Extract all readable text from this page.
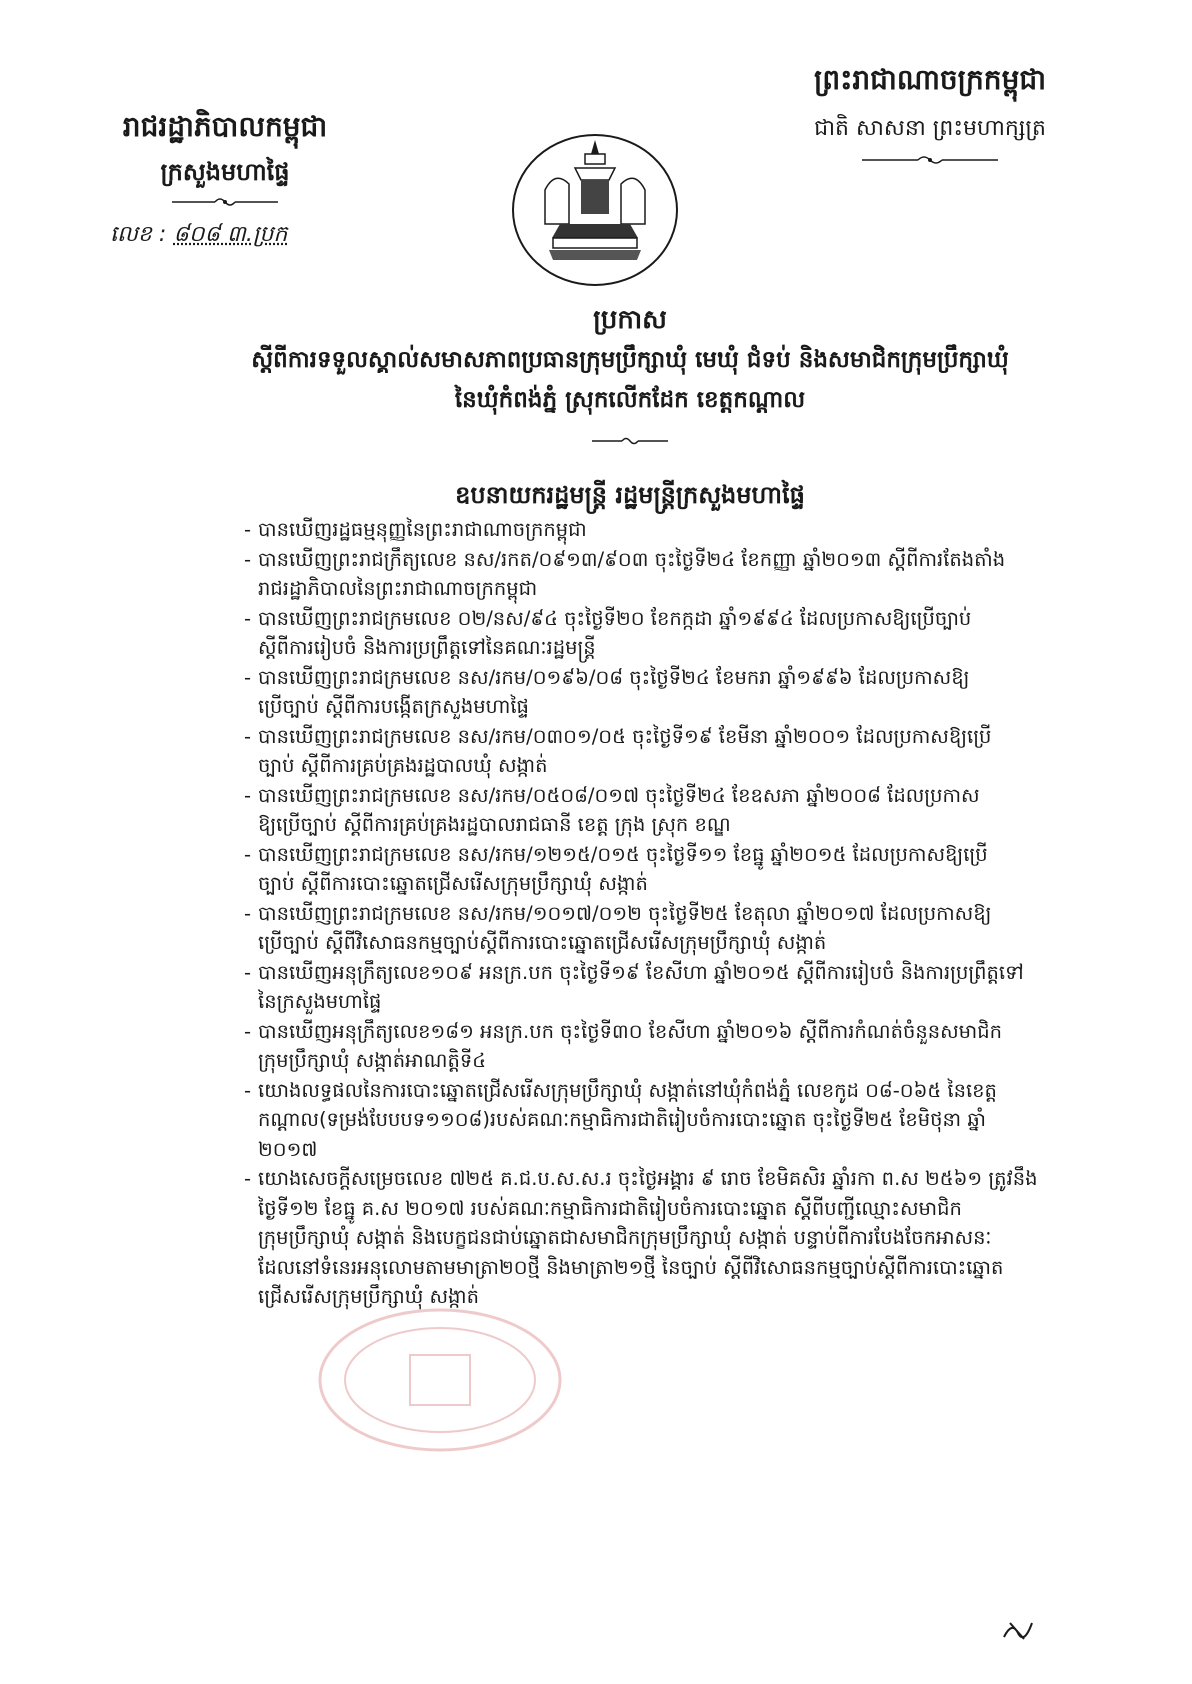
រាជរដ្ឋាភិបាលកម្ពុជា
ក្រសួងមហាផ្ទៃ
លេខ : ៨០៨ ៣.ប្រក
ព្រះរាជាណាចក្រកម្ពុជា
ជាតិ សាសនា ព្រះមហាក្សត្រ
ប្រកាស
ស្តីពីការទទួលស្គាល់សមាសភាពប្រធានក្រុមប្រឹក្សាឃុំ មេឃុំ ជំទប់ និងសមាជិកក្រុមប្រឹក្សាឃុំ
នៃឃុំកំពង់ភ្នំ ស្រុកលើកដែក ខេត្តកណ្តាល
ឧបនាយករដ្ឋមន្ត្រី រដ្ឋមន្ត្រីក្រសួងមហាផ្ទៃ
- បានឃើញរដ្ឋធម្មនុញ្ញនៃព្រះរាជាណាចក្រកម្ពុជា
- បានឃើញព្រះរាជក្រឹត្យលេខ នស/រកត/០៩១៣/៩០៣ ចុះថ្ងៃទី២៤ ខែកញ្ញា ឆ្នាំ២០១៣ ស្តីពីការតែងតាំង
រាជរដ្ឋាភិបាលនៃព្រះរាជាណាចក្រកម្ពុជា
- បានឃើញព្រះរាជក្រមលេខ ០២/នស/៩៤ ចុះថ្ងៃទី២០ ខែកក្កដា ឆ្នាំ១៩៩៤ ដែលប្រកាសឱ្យប្រើច្បាប់
ស្តីពីការរៀបចំ និងការប្រព្រឹត្តទៅនៃគណៈរដ្ឋមន្ត្រី
- បានឃើញព្រះរាជក្រមលេខ នស/រកម/០១៩៦/០៨ ចុះថ្ងៃទី២៤ ខែមករា ឆ្នាំ១៩៩៦ ដែលប្រកាសឱ្យ
ប្រើច្បាប់ ស្តីពីការបង្កើតក្រសួងមហាផ្ទៃ
- បានឃើញព្រះរាជក្រមលេខ នស/រកម/០៣០១/០៥ ចុះថ្ងៃទី១៩ ខែមីនា ឆ្នាំ២០០១ ដែលប្រកាសឱ្យប្រើ
ច្បាប់ ស្តីពីការគ្រប់គ្រងរដ្ឋបាលឃុំ សង្កាត់
- បានឃើញព្រះរាជក្រមលេខ នស/រកម/០៥០៨/០១៧ ចុះថ្ងៃទី២៤ ខែឧសភា ឆ្នាំ២០០៨ ដែលប្រកាស
ឱ្យប្រើច្បាប់ ស្តីពីការគ្រប់គ្រងរដ្ឋបាលរាជធានី ខេត្ត ក្រុង ស្រុក ខណ្ឌ
- បានឃើញព្រះរាជក្រមលេខ នស/រកម/១២១៥/០១៥ ចុះថ្ងៃទី១១ ខែធ្នូ ឆ្នាំ២០១៥ ដែលប្រកាសឱ្យប្រើ
ច្បាប់ ស្តីពីការបោះឆ្នោតជ្រើសរើសក្រុមប្រឹក្សាឃុំ សង្កាត់
- បានឃើញព្រះរាជក្រមលេខ នស/រកម/១០១៧/០១២ ចុះថ្ងៃទី២៥ ខែតុលា ឆ្នាំ២០១៧ ដែលប្រកាសឱ្យ
ប្រើច្បាប់ ស្តីពីវិសោធនកម្មច្បាប់ស្តីពីការបោះឆ្នោតជ្រើសរើសក្រុមប្រឹក្សាឃុំ សង្កាត់
- បានឃើញអនុក្រឹត្យលេខ១០៩ អនក្រ.បក ចុះថ្ងៃទី១៩ ខែសីហា ឆ្នាំ២០១៥ ស្តីពីការរៀបចំ និងការប្រព្រឹត្តទៅ
នៃក្រសួងមហាផ្ទៃ
- បានឃើញអនុក្រឹត្យលេខ១៨១ អនក្រ.បក ចុះថ្ងៃទី៣០ ខែសីហា ឆ្នាំ២០១៦ ស្តីពីការកំណត់ចំនួនសមាជិក
ក្រុមប្រឹក្សាឃុំ សង្កាត់អាណត្តិទី៤
- យោងលទ្ធផលនៃការបោះឆ្នោតជ្រើសរើសក្រុមប្រឹក្សាឃុំ សង្កាត់នៅឃុំកំពង់ភ្នំ លេខកូដ ០៨-០៦៥ នៃខេត្ត
កណ្តាល(ទម្រង់បែបបទ១១០៨)របស់គណៈកម្មាធិការជាតិរៀបចំការបោះឆ្នោត ចុះថ្ងៃទី២៥ ខែមិថុនា ឆ្នាំ
២០១៧
- យោងសេចក្តីសម្រេចលេខ ៧២៥ គ.ជ.ប.ស.ស.រ ចុះថ្ងៃអង្គារ ៩ រោច ខែមិគសិរ ឆ្នាំរកា ព.ស ២៥៦១ ត្រូវនឹង
ថ្ងៃទី១២ ខែធ្នូ គ.ស ២០១៧ របស់គណៈកម្មាធិការជាតិរៀបចំការបោះឆ្នោត ស្តីពីបញ្ជីឈ្មោះសមាជិក
ក្រុមប្រឹក្សាឃុំ សង្កាត់ និងបេក្ខជនជាប់ឆ្នោតជាសមាជិកក្រុមប្រឹក្សាឃុំ សង្កាត់ បន្ទាប់ពីការបែងចែកអាសនៈ
ដែលនៅទំនេរអនុលោមតាមមាត្រា២០ថ្មី និងមាត្រា២១ថ្មី នៃច្បាប់ ស្តីពីវិសោធនកម្មច្បាប់ស្តីពីការបោះឆ្នោត
ជ្រើសរើសក្រុមប្រឹក្សាឃុំ សង្កាត់
